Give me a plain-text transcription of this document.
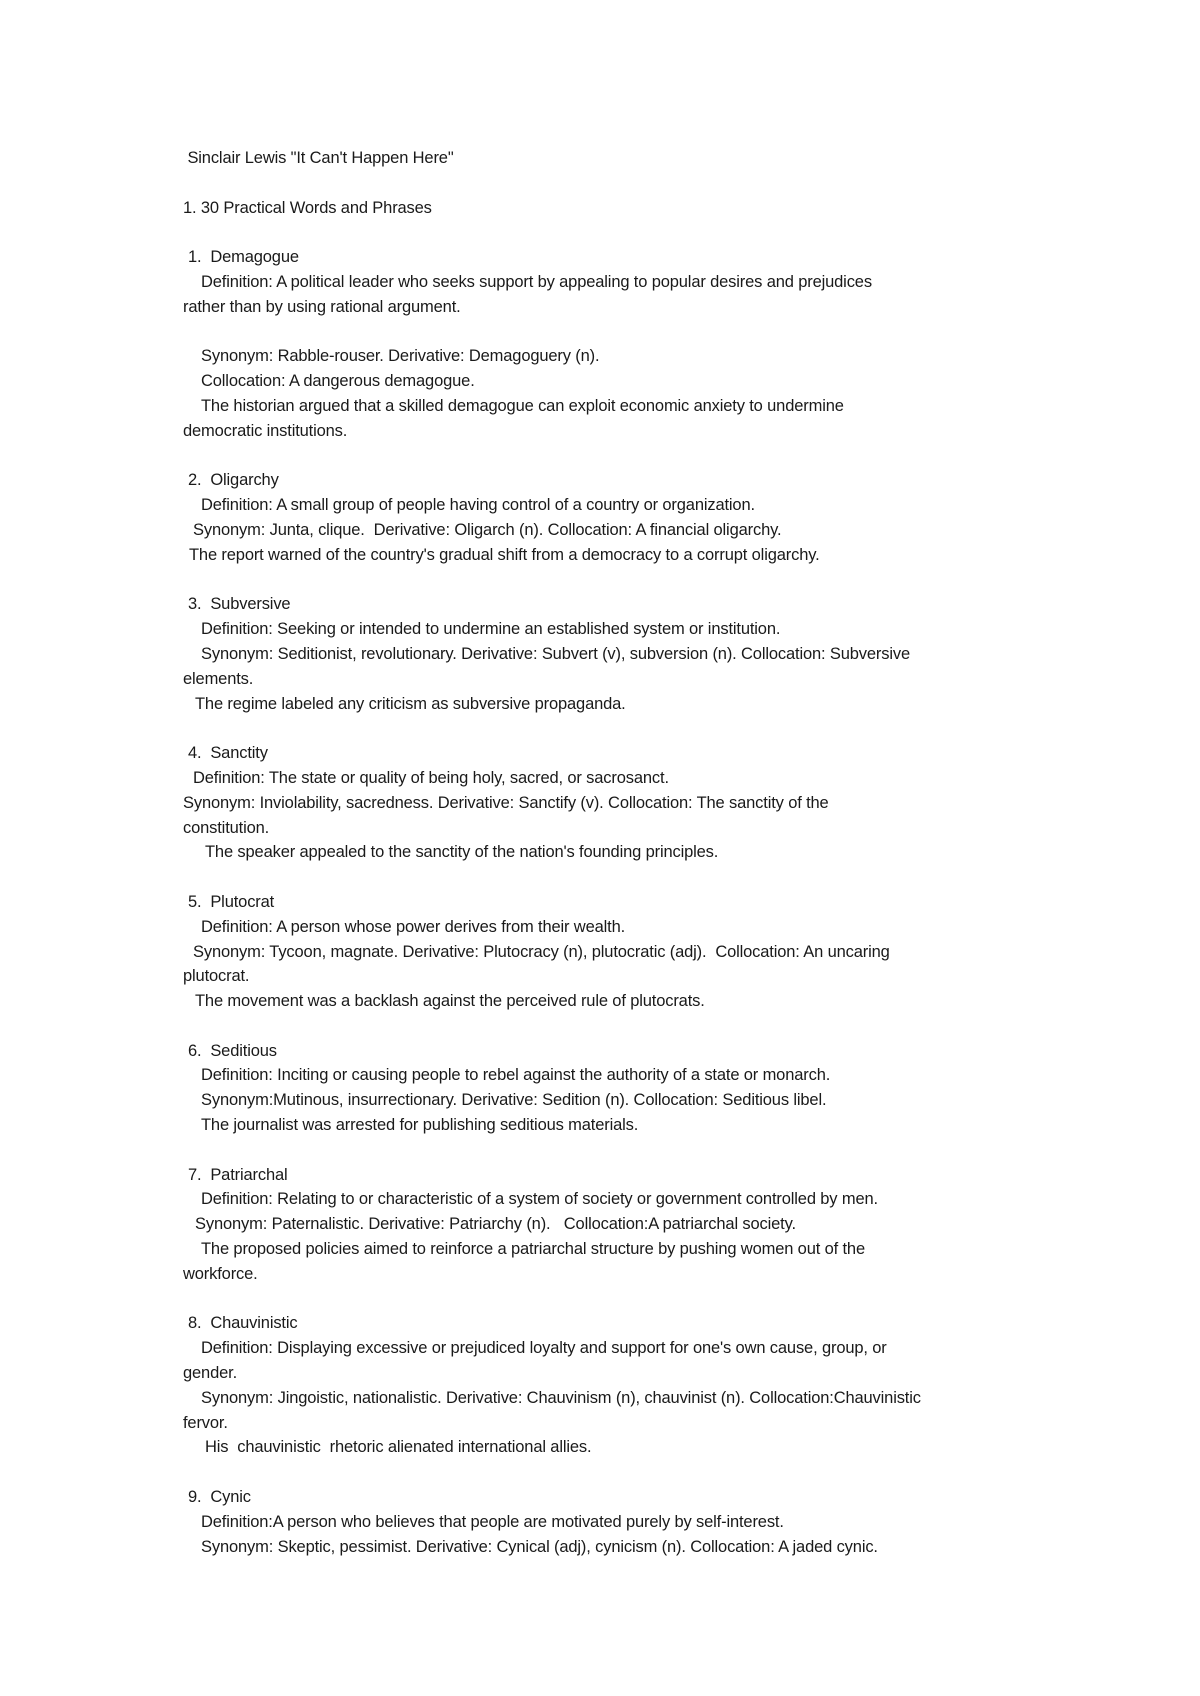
Sinclair Lewis "It Can't Happen Here"
1. 30 Practical Words and Phrases
1.  Demagogue
Definition: A political leader who seeks support by appealing to popular desires and prejudices
rather than by using rational argument.
Synonym: Rabble-rouser. Derivative: Demagoguery (n).
Collocation: A dangerous demagogue.
The historian argued that a skilled demagogue can exploit economic anxiety to undermine
democratic institutions.
2.  Oligarchy
Definition: A small group of people having control of a country or organization.
Synonym: Junta, clique.  Derivative: Oligarch (n). Collocation: A financial oligarchy.
The report warned of the country's gradual shift from a democracy to a corrupt oligarchy.
3.  Subversive
Definition: Seeking or intended to undermine an established system or institution.
Synonym: Seditionist, revolutionary. Derivative: Subvert (v), subversion (n). Collocation: Subversive
elements.
The regime labeled any criticism as subversive propaganda.
4.  Sanctity
Definition: The state or quality of being holy, sacred, or sacrosanct.
Synonym: Inviolability, sacredness. Derivative: Sanctify (v). Collocation: The sanctity of the
constitution.
The speaker appealed to the sanctity of the nation's founding principles.
5.  Plutocrat
Definition: A person whose power derives from their wealth.
Synonym: Tycoon, magnate. Derivative: Plutocracy (n), plutocratic (adj).  Collocation: An uncaring
plutocrat.
The movement was a backlash against the perceived rule of plutocrats.
6.  Seditious
Definition: Inciting or causing people to rebel against the authority of a state or monarch.
Synonym:Mutinous, insurrectionary. Derivative: Sedition (n). Collocation: Seditious libel.
The journalist was arrested for publishing seditious materials.
7.  Patriarchal
Definition: Relating to or characteristic of a system of society or government controlled by men.
Synonym: Paternalistic. Derivative: Patriarchy (n).   Collocation:A patriarchal society.
The proposed policies aimed to reinforce a patriarchal structure by pushing women out of the
workforce.
8.  Chauvinistic
Definition: Displaying excessive or prejudiced loyalty and support for one's own cause, group, or
gender.
Synonym: Jingoistic, nationalistic. Derivative: Chauvinism (n), chauvinist (n). Collocation:Chauvinistic
fervor.
His  chauvinistic  rhetoric alienated international allies.
9.  Cynic
Definition:A person who believes that people are motivated purely by self-interest.
Synonym: Skeptic, pessimist. Derivative: Cynical (adj), cynicism (n). Collocation: A jaded cynic.
